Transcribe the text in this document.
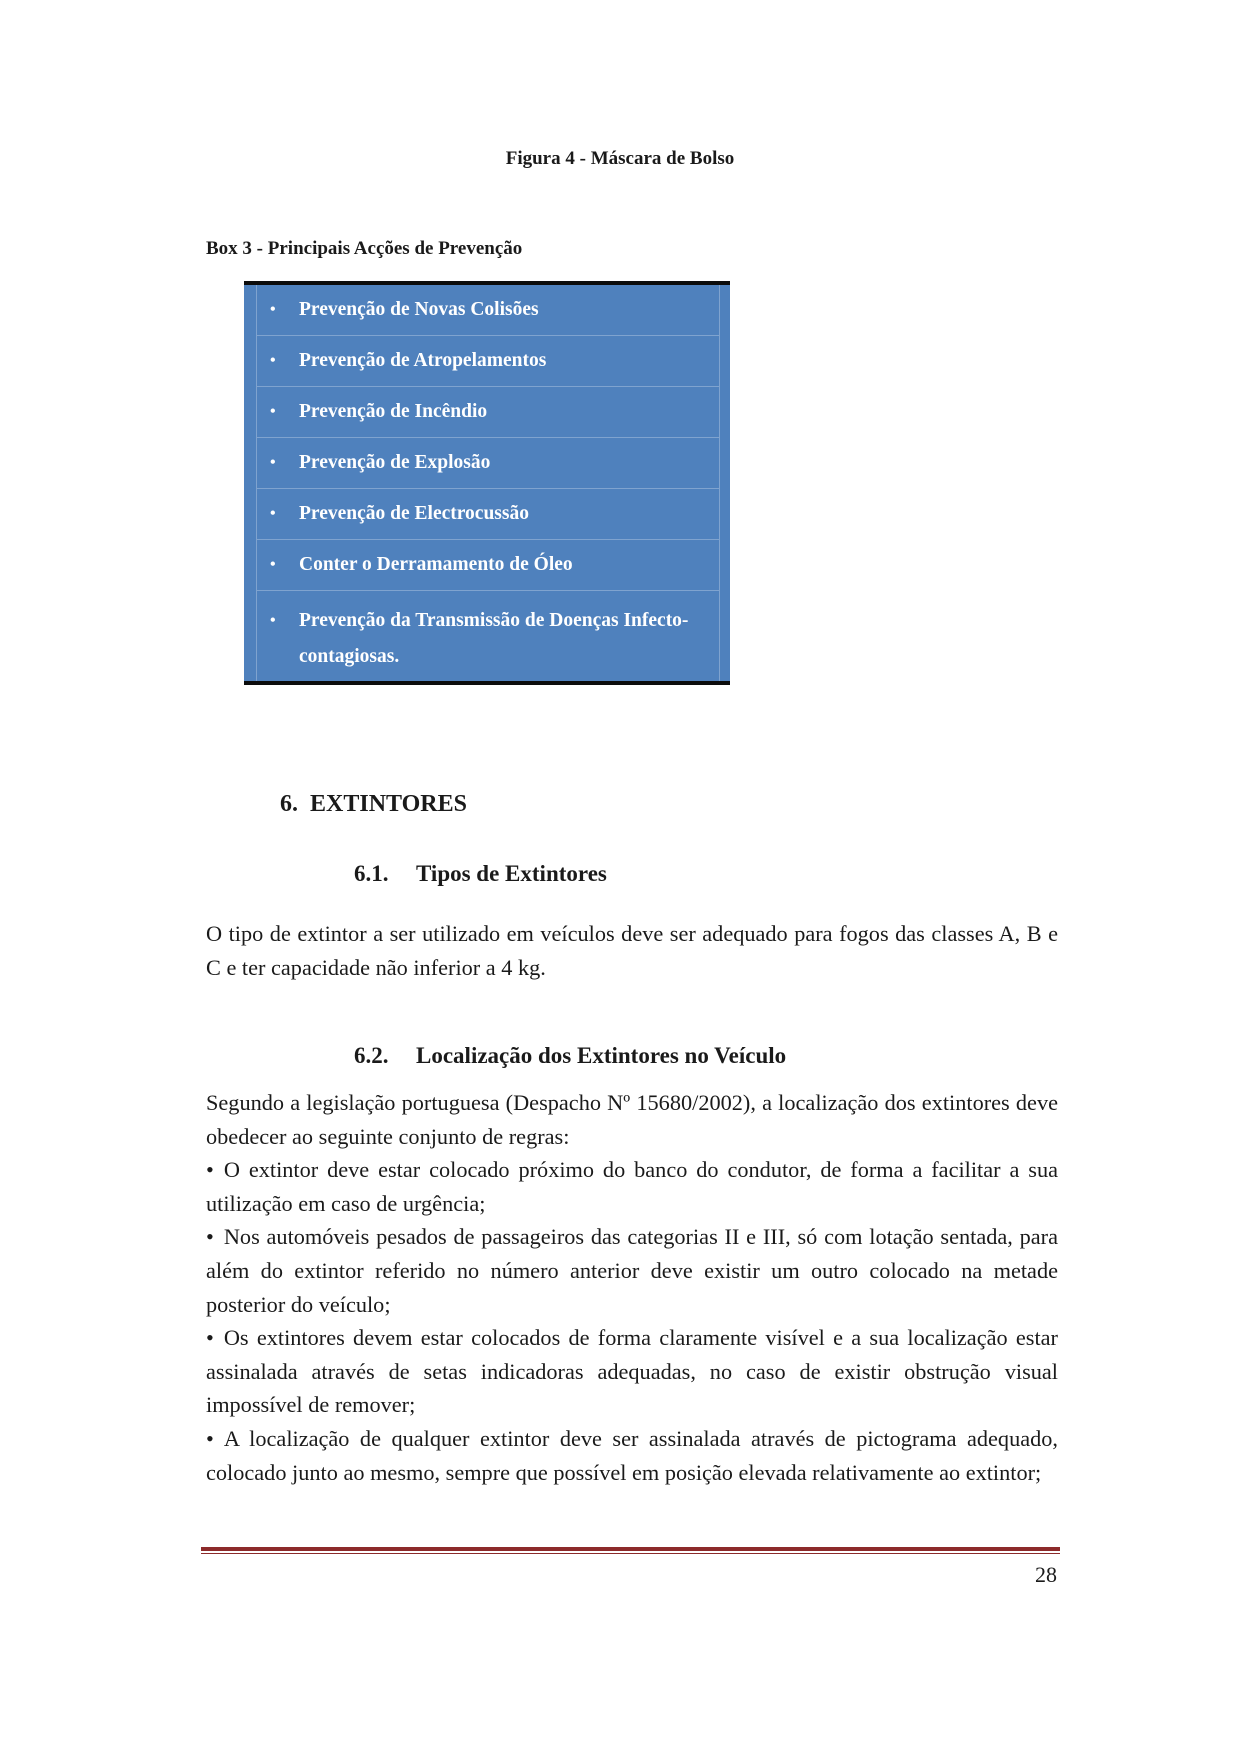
Figura 4 - Máscara de Bolso
Box 3 - Principais Acções de Prevenção
• Prevenção de Novas Colisões
• Prevenção de Atropelamentos
• Prevenção de Incêndio
• Prevenção de Explosão
• Prevenção de Electrocussão
• Conter o Derramamento de Óleo
• Prevenção da Transmissão de Doenças Infecto-contagiosas.
6. EXTINTORES
6.1. Tipos de Extintores

O tipo de extintor a ser utilizado em veículos deve ser adequado para fogos das classes A, B e C e ter capacidade não inferior a 4 kg.

6.2. Localização dos Extintores no Veículo

Segundo a legislação portuguesa (Despacho Nº 15680/2002), a localização dos extintores deve obedecer ao seguinte conjunto de regras:

• O extintor deve estar colocado próximo do banco do condutor, de forma a facilitar a sua utilização em caso de urgência;

• Nos automóveis pesados de passageiros das categorias II e III, só com lotação sentada, para além do extintor referido no número anterior deve existir um outro colocado na metade posterior do veículo;

• Os extintores devem estar colocados de forma claramente visível e a sua localização estar assinalada através de setas indicadoras adequadas, no caso de existir obstrução visual impossível de remover;

• A localização de qualquer extintor deve ser assinalada através de pictograma adequado, colocado junto ao mesmo, sempre que possível em posição elevada relativamente ao extintor;

28
